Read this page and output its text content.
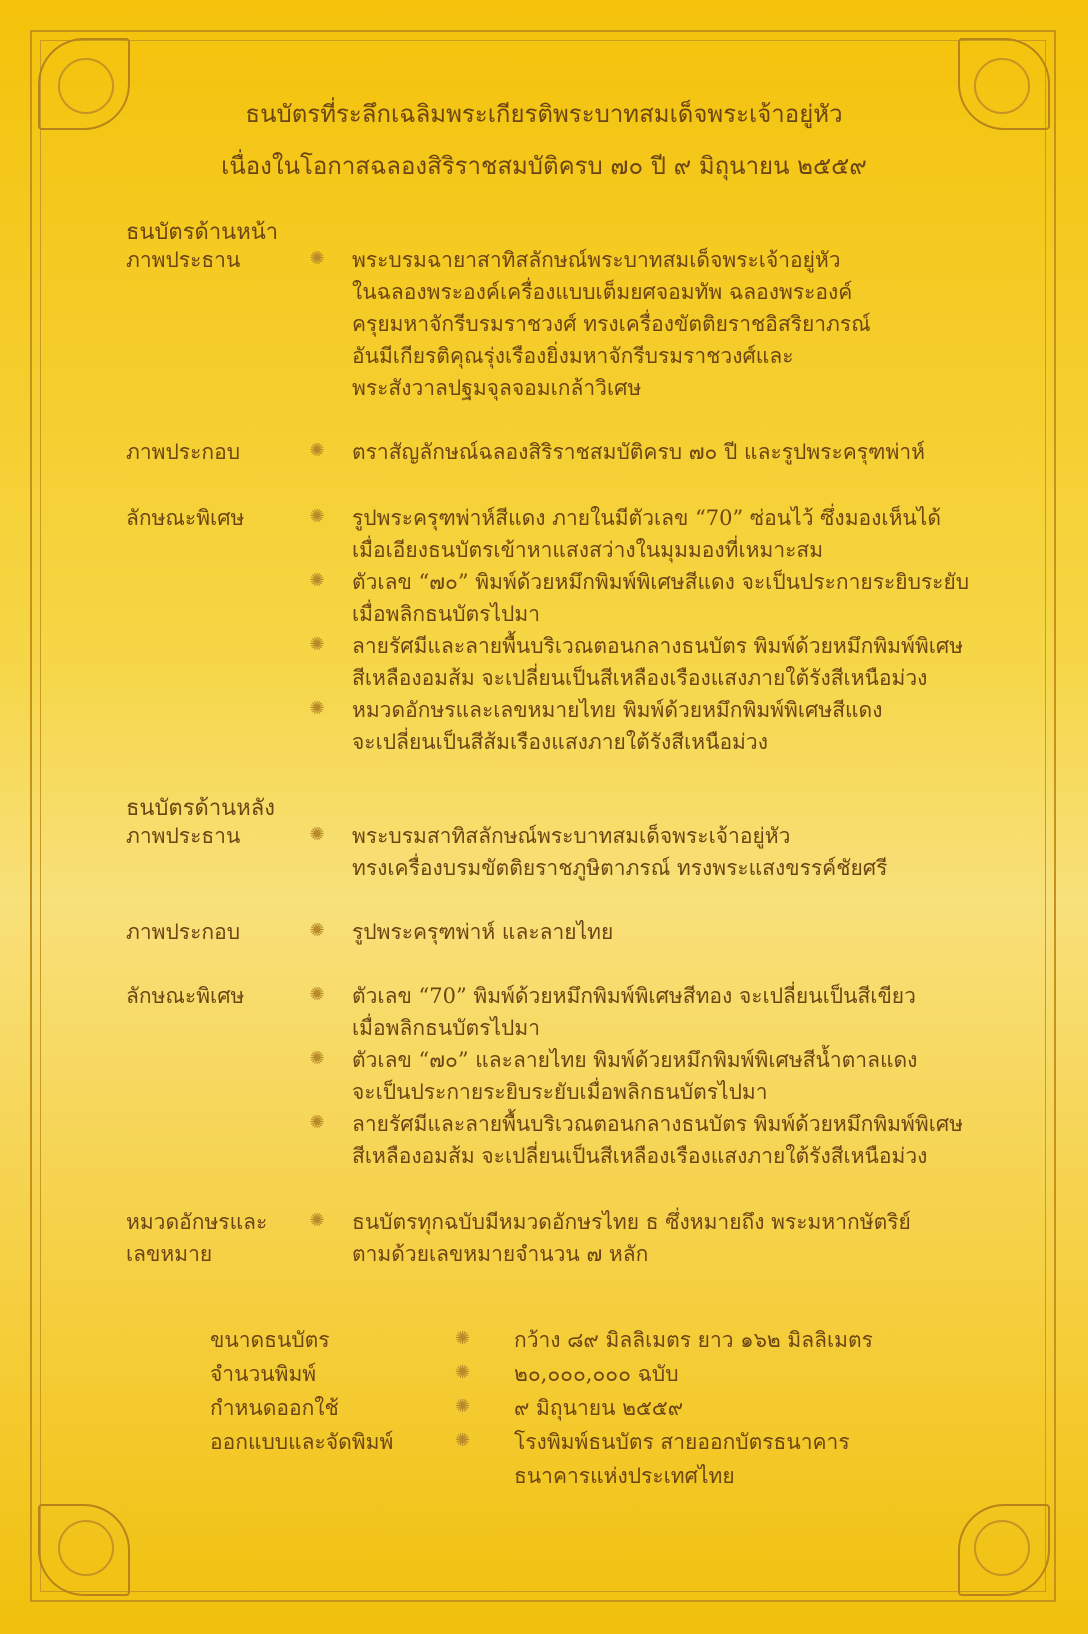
ธนบัตรที่ระลึกเฉลิมพระเกียรติพระบาทสมเด็จพระเจ้าอยู่หัว
เนื่องในโอกาสฉลองสิริราชสมบัติครบ ๗๐ ปี ๙ มิถุนายน ๒๕๕๙
ธนบัตรด้านหน้า
ภาพประธาน	✺ พระบรมฉายาสาทิสลักษณ์พระบาทสมเด็จพระเจ้าอยู่หัว
ในฉลองพระองค์เครื่องแบบเต็มยศจอมทัพ ฉลองพระองค์
ครุยมหาจักรีบรมราชวงศ์ ทรงเครื่องขัตติยราชอิสริยาภรณ์
อันมีเกียรติคุณรุ่งเรืองยิ่งมหาจักรีบรมราชวงศ์และ
พระสังวาลปฐมจุลจอมเกล้าวิเศษ
ภาพประกอบ	✺ ตราสัญลักษณ์ฉลองสิริราชสมบัติครบ ๗๐ ปี และรูปพระครุฑพ่าห์
ลักษณะพิเศษ	✺ รูปพระครุฑพ่าห์สีแดง ภายในมีตัวเลข “70” ซ่อนไว้ ซึ่งมองเห็นได้
เมื่อเอียงธนบัตรเข้าหาแสงสว่างในมุมมองที่เหมาะสม
✺ ตัวเลข “๗๐” พิมพ์ด้วยหมึกพิมพ์พิเศษสีแดง จะเป็นประกายระยิบระยับ
เมื่อพลิกธนบัตรไปมา
✺ ลายรัศมีและลายพื้นบริเวณตอนกลางธนบัตร พิมพ์ด้วยหมึกพิมพ์พิเศษ
สีเหลืองอมส้ม จะเปลี่ยนเป็นสีเหลืองเรืองแสงภายใต้รังสีเหนือม่วง
✺ หมวดอักษรและเลขหมายไทย พิมพ์ด้วยหมึกพิมพ์พิเศษสีแดง
จะเปลี่ยนเป็นสีส้มเรืองแสงภายใต้รังสีเหนือม่วง
ธนบัตรด้านหลัง
ภาพประธาน	✺ พระบรมสาทิสลักษณ์พระบาทสมเด็จพระเจ้าอยู่หัว
ทรงเครื่องบรมขัตติยราชภูษิตาภรณ์ ทรงพระแสงขรรค์ชัยศรี
ภาพประกอบ	✺ รูปพระครุฑพ่าห์ และลายไทย
ลักษณะพิเศษ	✺ ตัวเลข “70” พิมพ์ด้วยหมึกพิมพ์พิเศษสีทอง จะเปลี่ยนเป็นสีเขียว
เมื่อพลิกธนบัตรไปมา
✺ ตัวเลข “๗๐” และลายไทย พิมพ์ด้วยหมึกพิมพ์พิเศษสีน้ำตาลแดง
จะเป็นประกายระยิบระยับเมื่อพลิกธนบัตรไปมา
✺ ลายรัศมีและลายพื้นบริเวณตอนกลางธนบัตร พิมพ์ด้วยหมึกพิมพ์พิเศษ
สีเหลืองอมส้ม จะเปลี่ยนเป็นสีเหลืองเรืองแสงภายใต้รังสีเหนือม่วง
หมวดอักษรและ
เลขหมาย
✺ ธนบัตรทุกฉบับมีหมวดอักษรไทย ธ ซึ่งหมายถึง พระมหากษัตริย์
ตามด้วยเลขหมายจำนวน ๗ หลัก
ขนาดธนบัตร	✺ กว้าง ๘๙ มิลลิเมตร ยาว ๑๖๒ มิลลิเมตร
จำนวนพิมพ์	✺ ๒๐,๐๐๐,๐๐๐ ฉบับ
กำหนดออกใช้	✺ ๙ มิถุนายน ๒๕๕๙
ออกแบบและจัดพิมพ์	✺ โรงพิมพ์ธนบัตร สายออกบัตรธนาคาร
ธนาคารแห่งประเทศไทย
